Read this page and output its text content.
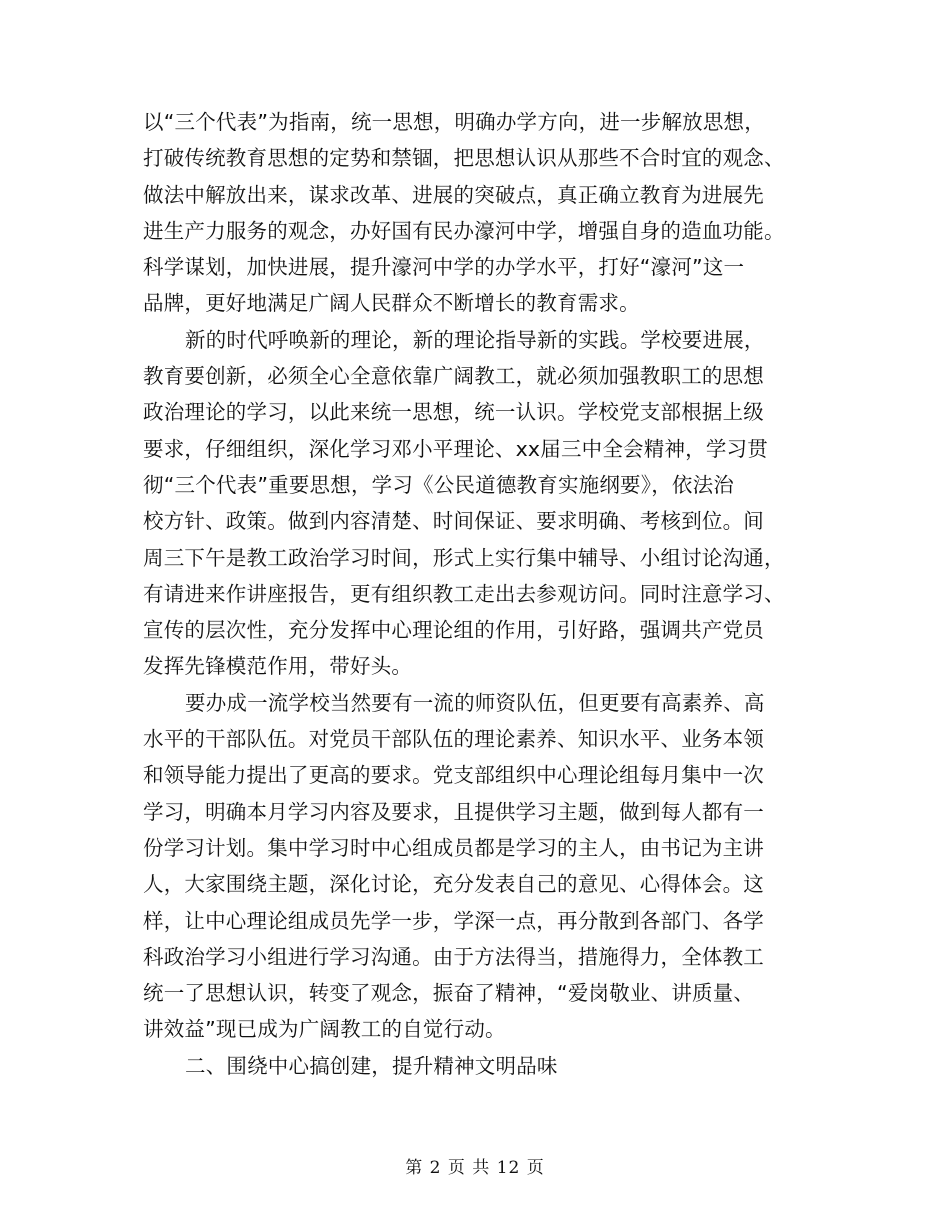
以“三个代表”为指南，统一思想，明确办学方向，进一步解放思想，
打破传统教育思想的定势和禁锢，把思想认识从那些不合时宜的观念、
做法中解放出来，谋求改革、进展的突破点，真正确立教育为进展先
进生产力服务的观念，办好国有民办濠河中学，增强自身的造血功能。
科学谋划，加快进展，提升濠河中学的办学水平，打好“濠河”这一
品牌，更好地满足广阔人民群众不断增长的教育需求。
新的时代呼唤新的理论，新的理论指导新的实践。学校要进展，
教育要创新，必须全心全意依靠广阔教工，就必须加强教职工的思想
政治理论的学习，以此来统一思想，统一认识。学校党支部根据上级
要求，仔细组织，深化学习邓小平理论、xx届三中全会精神，学习贯
彻“三个代表”重要思想，学习《公民道德教育实施纲要》，依法治
校方针、政策。做到内容清楚、时间保证、要求明确、考核到位。间
周三下午是教工政治学习时间，形式上实行集中辅导、小组讨论沟通，
有请进来作讲座报告，更有组织教工走出去参观访问。同时注意学习、
宣传的层次性，充分发挥中心理论组的作用，引好路，强调共产党员
发挥先锋模范作用，带好头。
要办成一流学校当然要有一流的师资队伍，但更要有高素养、高
水平的干部队伍。对党员干部队伍的理论素养、知识水平、业务本领
和领导能力提出了更高的要求。党支部组织中心理论组每月集中一次
学习，明确本月学习内容及要求，且提供学习主题，做到每人都有一
份学习计划。集中学习时中心组成员都是学习的主人，由书记为主讲
人，大家围绕主题，深化讨论，充分发表自己的意见、心得体会。这
样，让中心理论组成员先学一步，学深一点，再分散到各部门、各学
科政治学习小组进行学习沟通。由于方法得当，措施得力，全体教工
统一了思想认识，转变了观念，振奋了精神，“爱岗敬业、讲质量、
讲效益”现已成为广阔教工的自觉行动。
二、围绕中心搞创建，提升精神文明品味
第 2 页 共 12 页
